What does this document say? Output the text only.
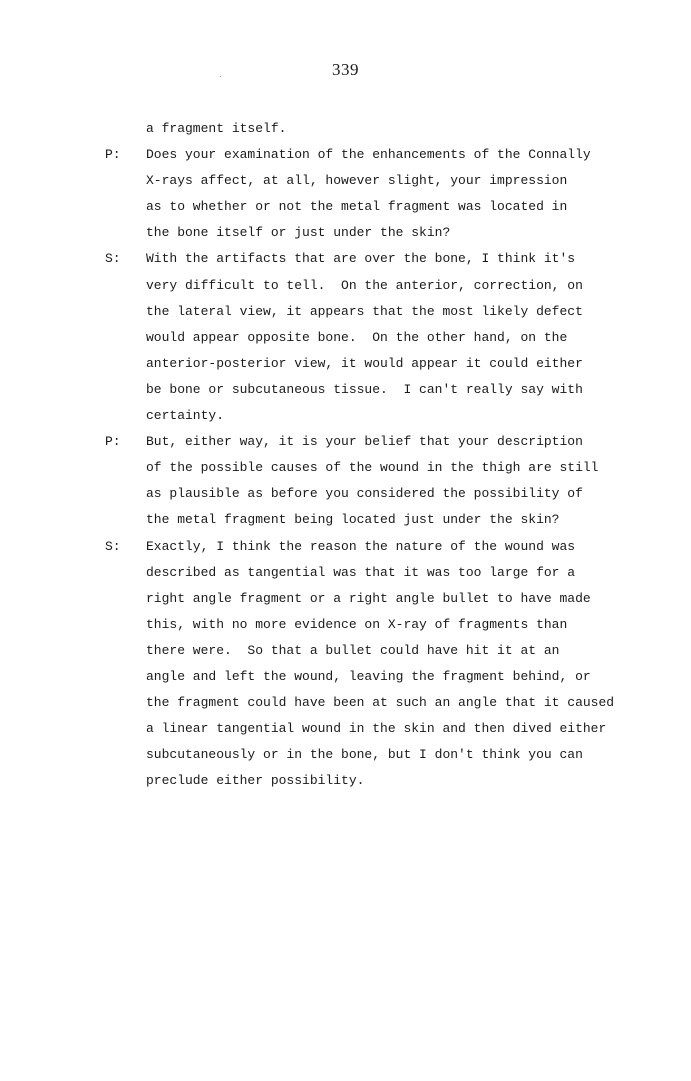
339
a fragment itself.
P: Does your examination of the enhancements of the Connally
X-rays affect, at all, however slight, your impression
as to whether or not the metal fragment was located in
the bone itself or just under the skin?
S: With the artifacts that are over the bone, I think it's
very difficult to tell.  On the anterior, correction, on
the lateral view, it appears that the most likely defect
would appear opposite bone.  On the other hand, on the
anterior-posterior view, it would appear it could either
be bone or subcutaneous tissue.  I can't really say with
certainty.
P: But, either way, it is your belief that your description
of the possible causes of the wound in the thigh are still
as plausible as before you considered the possibility of
the metal fragment being located just under the skin?
S: Exactly, I think the reason the nature of the wound was
described as tangential was that it was too large for a
right angle fragment or a right angle bullet to have made
this, with no more evidence on X-ray of fragments than
there were.  So that a bullet could have hit it at an
angle and left the wound, leaving the fragment behind, or
the fragment could have been at such an angle that it caused
a linear tangential wound in the skin and then dived either
subcutaneously or in the bone, but I don't think you can
preclude either possibility.
